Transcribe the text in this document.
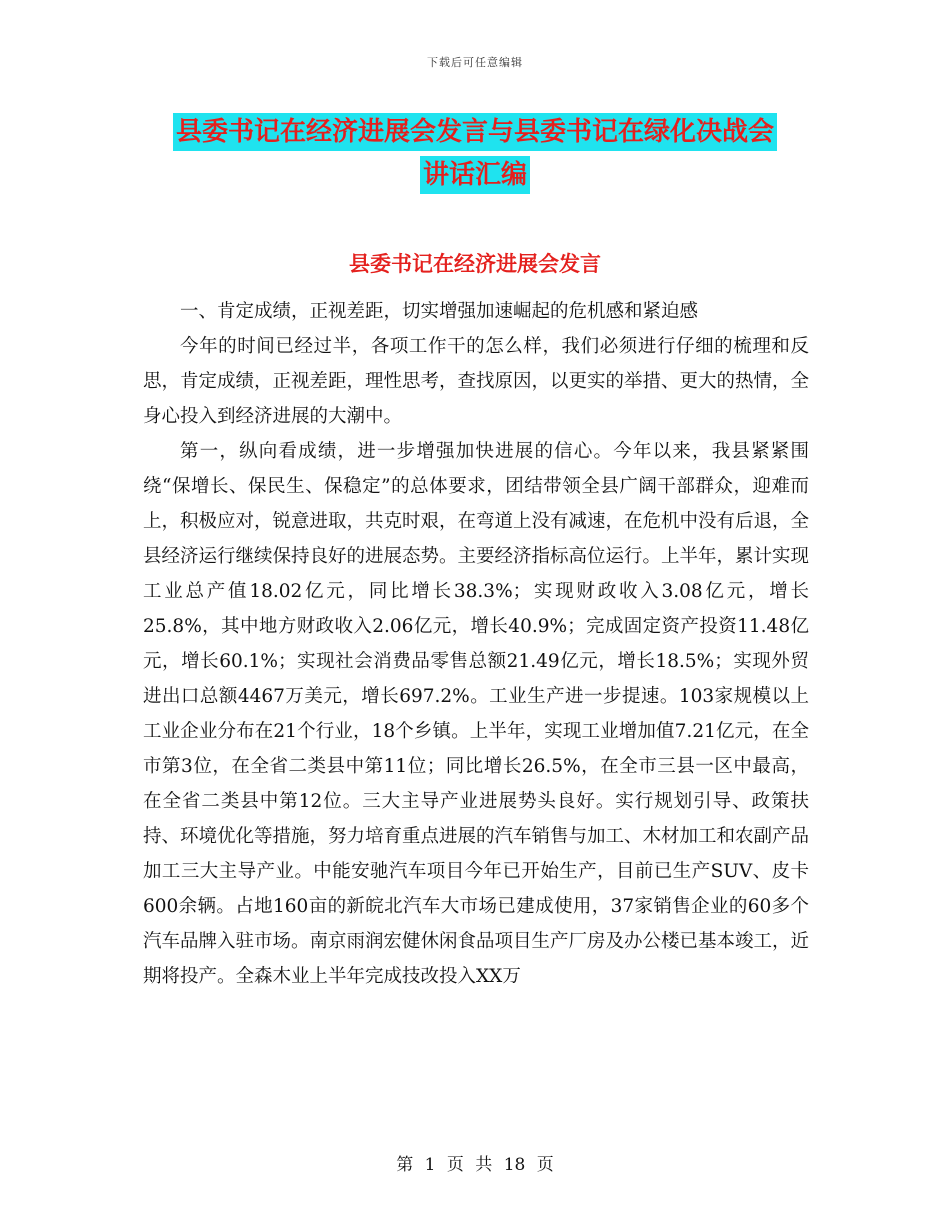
下载后可任意编辑
县委书记在经济进展会发言与县委书记在绿化决战会
讲话汇编
县委书记在经济进展会发言

一、肯定成绩，正视差距，切实增强加速崛起的危机感和紧迫感

今年的时间已经过半，各项工作干的怎么样，我们必须进行仔细的梳理和反思，肯定成绩，正视差距，理性思考，查找原因，以更实的举措、更大的热情，全身心投入到经济进展的大潮中。

第一，纵向看成绩，进一步增强加快进展的信心。今年以来，我县紧紧围绕“保增长、保民生、保稳定”的总体要求，团结带领全县广阔干部群众，迎难而上，积极应对，锐意进取，共克时艰，在弯道上没有减速，在危机中没有后退，全县经济运行继续保持良好的进展态势。主要经济指标高位运行。上半年，累计实现工业总产值18.02亿元，同比增长38.3%；实现财政收入3.08亿元，增长25.8%，其中地方财政收入2.06亿元，增长40.9%；完成固定资产投资11.48亿元，增长60.1%；实现社会消费品零售总额21.49亿元，增长18.5%；实现外贸进出口总额4467万美元，增长697.2%。工业生产进一步提速。103家规模以上工业企业分布在21个行业，18个乡镇。上半年，实现工业增加值7.21亿元，在全市第3位，在全省二类县中第11位；同比增长26.5%，在全市三县一区中最高，在全省二类县中第12位。三大主导产业进展势头良好。实行规划引导、政策扶持、环境优化等措施，努力培育重点进展的汽车销售与加工、木材加工和农副产品加工三大主导产业。中能安驰汽车项目今年已开始生产，目前已生产SUV、皮卡600余辆。占地160亩的新皖北汽车大市场已建成使用，37家销售企业的60多个汽车品牌入驻市场。南京雨润宏健休闲食品项目生产厂房及办公楼已基本竣工，近期将投产。全森木业上半年完成技改投入XX万

第 1 页 共 18 页
